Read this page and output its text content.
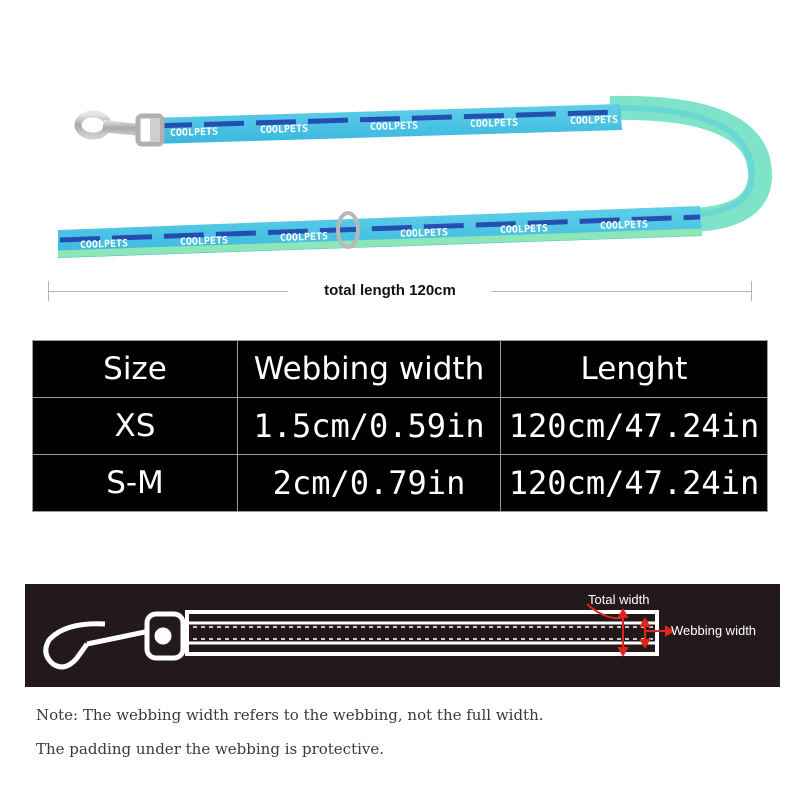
COOLPETS	COOLPETS	COOLPETS	COOLPETS	COOLPETS
COOLPETS	COOLPETS	COOLPETS	COOLPETS	COOLPETS	COOLPETS
total length 120cm
Size	Webbing width	Lenght
XS	1.5cm/0.59in	120cm/47.24in
S-M	2cm/0.79in	120cm/47.24in
Total width
Webbing width
Note: The webbing width refers to the webbing, not the full width.
The padding under the webbing is protective.
